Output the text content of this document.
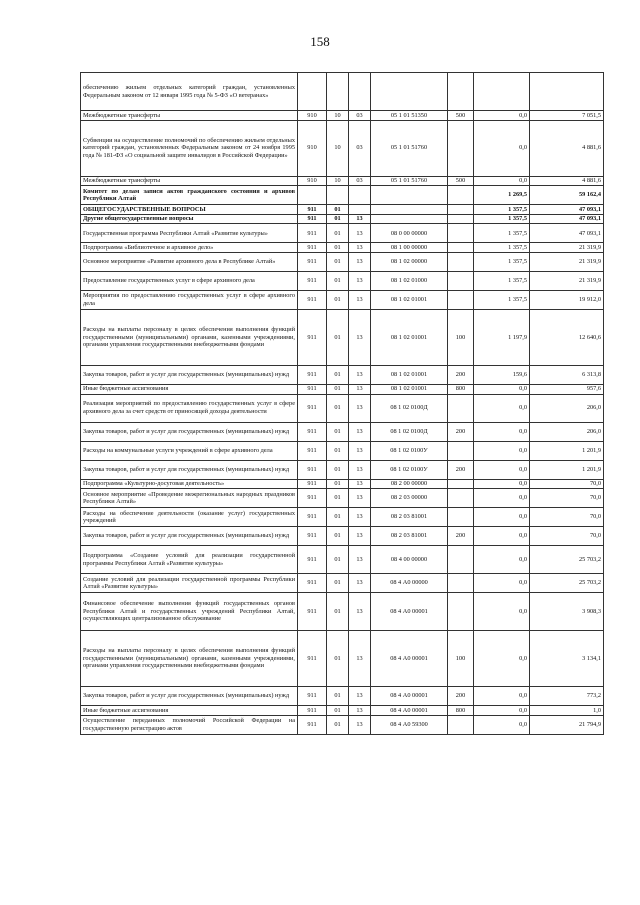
158
обеспечению жильем отдельных категорий граждан, установленных Федеральным законом от 12 января 1995 года № 5-ФЗ «О ветеранах»							
Межбюджетные трансферты	910	10	03	05 1 01 51350	500	0,0	7 051,5
Субвенции на осуществление полномочий по обеспечению жильем отдельных категорий граждан, установленных Федеральным законом от 24 ноября 1995 года № 181-ФЗ «О социальной защите инвалидов в Российской Федерации»	910	10	03	05 1 01 51760		0,0	4 881,6
Межбюджетные трансферты	910	10	03	05 1 01 51760	500	0,0	4 881,6
Комитет по делам записи актов гражданского состояния и архивов Республики Алтай						1 269,5	59 162,4
ОБЩЕГОСУДАРСТВЕННЫЕ ВОПРОСЫ	911	01				1 357,5	47 093,1
Другие общегосударственные вопросы	911	01	13			1 357,5	47 093,1
Государственная программа Республики Алтай «Развитие культуры»	911	01	13	08 0 00 00000		1 357,5	47 093,1
Подпрограмма «Библиотечное и архивное дело»	911	01	13	08 1 00 00000		1 357,5	21 319,9
Основное мероприятие «Развитие архивного дела в Республике Алтай»	911	01	13	08 1 02 00000		1 357,5	21 319,9
Предоставление государственных услуг в сфере архивного дела	911	01	13	08 1 02 01000		1 357,5	21 319,9
Мероприятия по предоставлению государственных услуг в сфере архивного дела	911	01	13	08 1 02 01001		1 357,5	19 912,0
Расходы на выплаты персоналу в целях обеспечения выполнения функций государственными (муниципальными) органами, казенными учреждениями, органами управления государственными внебюджетными фондами	911	01	13	08 1 02 01001	100	1 197,9	12 640,6
Закупка товаров, работ и услуг для государственных (муниципальных) нужд	911	01	13	08 1 02 01001	200	159,6	6 313,8
Иные бюджетные ассигнования	911	01	13	08 1 02 01001	800	0,0	957,6
Реализация мероприятий по предоставлению государственных услуг в сфере архивного дела за счет средств от приносящей доходы деятельности	911	01	13	08 1 02 0100Д		0,0	206,0
Закупка товаров, работ и услуг для государственных (муниципальных) нужд	911	01	13	08 1 02 0100Д	200	0,0	206,0
Расходы на коммунальные услуги учреждений в сфере архивного дела	911	01	13	08 1 02 0100У		0,0	1 201,9
Закупка товаров, работ и услуг для государственных (муниципальных) нужд	911	01	13	08 1 02 0100У	200	0,0	1 201,9
Подпрограмма «Культурно-досуговая деятельность»	911	01	13	08 2 00 00000		0,0	70,0
Основное мероприятие «Проведение межрегиональных народных праздников Республики Алтай»	911	01	13	08 2 03 00000		0,0	70,0
Расходы на обеспечение деятельности (оказание услуг) государственных учреждений	911	01	13	08 2 03 81001		0,0	70,0
Закупка товаров, работ и услуг для государственных (муниципальных) нужд	911	01	13	08 2 03 81001	200	0,0	70,0
Подпрограмма «Создание условий для реализации государственной программы Республики Алтай «Развитие культуры»	911	01	13	08 4 00 00000		0,0	25 703,2
Создание условий для реализации государственной программы Республики Алтай «Развитие культуры»	911	01	13	08 4 А0 00000		0,0	25 703,2
Финансовое обеспечение выполнения функций государственных органов Республики Алтай и государственных учреждений Республики Алтай, осуществляющих централизованное обслуживание	911	01	13	08 4 А0 00001		0,0	3 908,3
Расходы на выплаты персоналу в целях обеспечения выполнения функций государственными (муниципальными) органами, казенными учреждениями, органами управления государственными внебюджетными фондами	911	01	13	08 4 А0 00001	100	0,0	3 134,1
Закупка товаров, работ и услуг для государственных (муниципальных) нужд	911	01	13	08 4 А0 00001	200	0,0	773,2
Иные бюджетные ассигнования	911	01	13	08 4 А0 00001	800	0,0	1,0
Осуществление переданных полномочий Российской Федерации на государственную регистрацию актов	911	01	13	08 4 А0 59300		0,0	21 794,9
